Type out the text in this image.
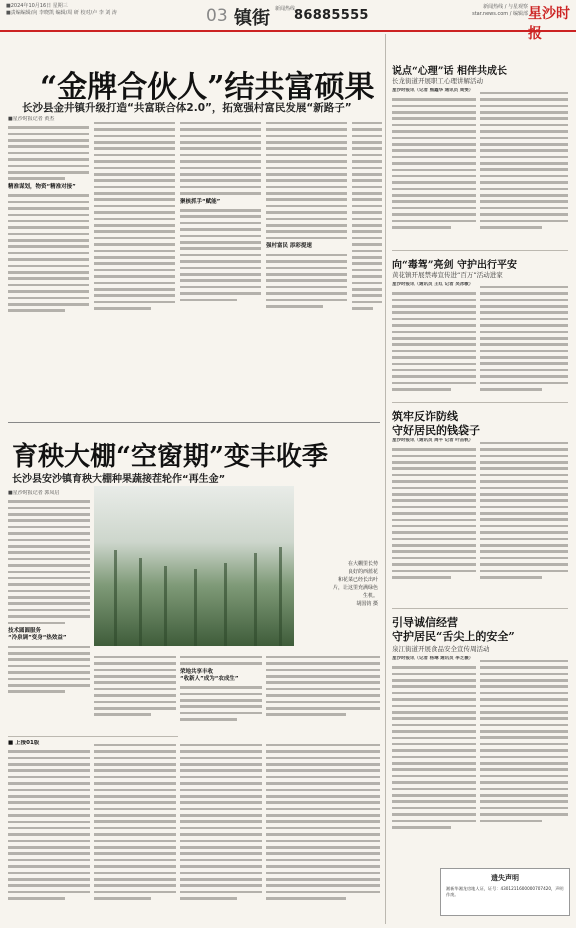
■2024年10月16日 星期三
■责编编辑/向 李晓凯 编辑/周 研 校对/卢 李 刘 涛	03 镇街 新闻热线
86885555
新闻热线 / 与星观察
star.news.com / 编辑部 星沙时报
“金牌合伙人”结共富硕果
长沙县金井镇升级打造“共富联合体2.0”，拓宽强村富民发展“新路子”
■星沙时报记者 黄杰
精准谋划，物资“精准对接”
聚核抓手“赋能”
强村富民 添彩提速
育秧大棚“空窗期”变丰收季
长沙县安沙镇育秧大棚种果蔬接茬轮作“再生金”
■星沙时报记者 郭凤启
技术圆圆服务
“冷泉调”变身“热效益”
在大棚里长势
良好的西蓝花
和花菜已经长出叶
片，让这里充满绿色
生机。
胡国钧 摄
荣地共享丰收
“收新人”成为“农成生”
■ 上接01版
说点“心理”话 相伴共成长
长龙街道开展职工心理讲解活动
星沙时报讯（记者 熊鑫华 通讯员 周雯）
向“毒驾”亮剑 守护出行平安
黄花镇开展禁毒宣传进“百万”活动进家
星沙时报讯（通讯员 王红 记者 吴冰敏）
筑牢反诈防线
守好居民的钱袋子
星沙时报讯（通讯员 周平 记者 叶苗帆）
引导诚信经营
守护居民“舌尖上的安全”
泉江街道开展食品安全宣传周活动
星沙时报讯（记者 杨琳 通讯员 李芝薇）
遗失声明
湘新华湘龙房地人证，证号：4301211600000707420，声明作废。
